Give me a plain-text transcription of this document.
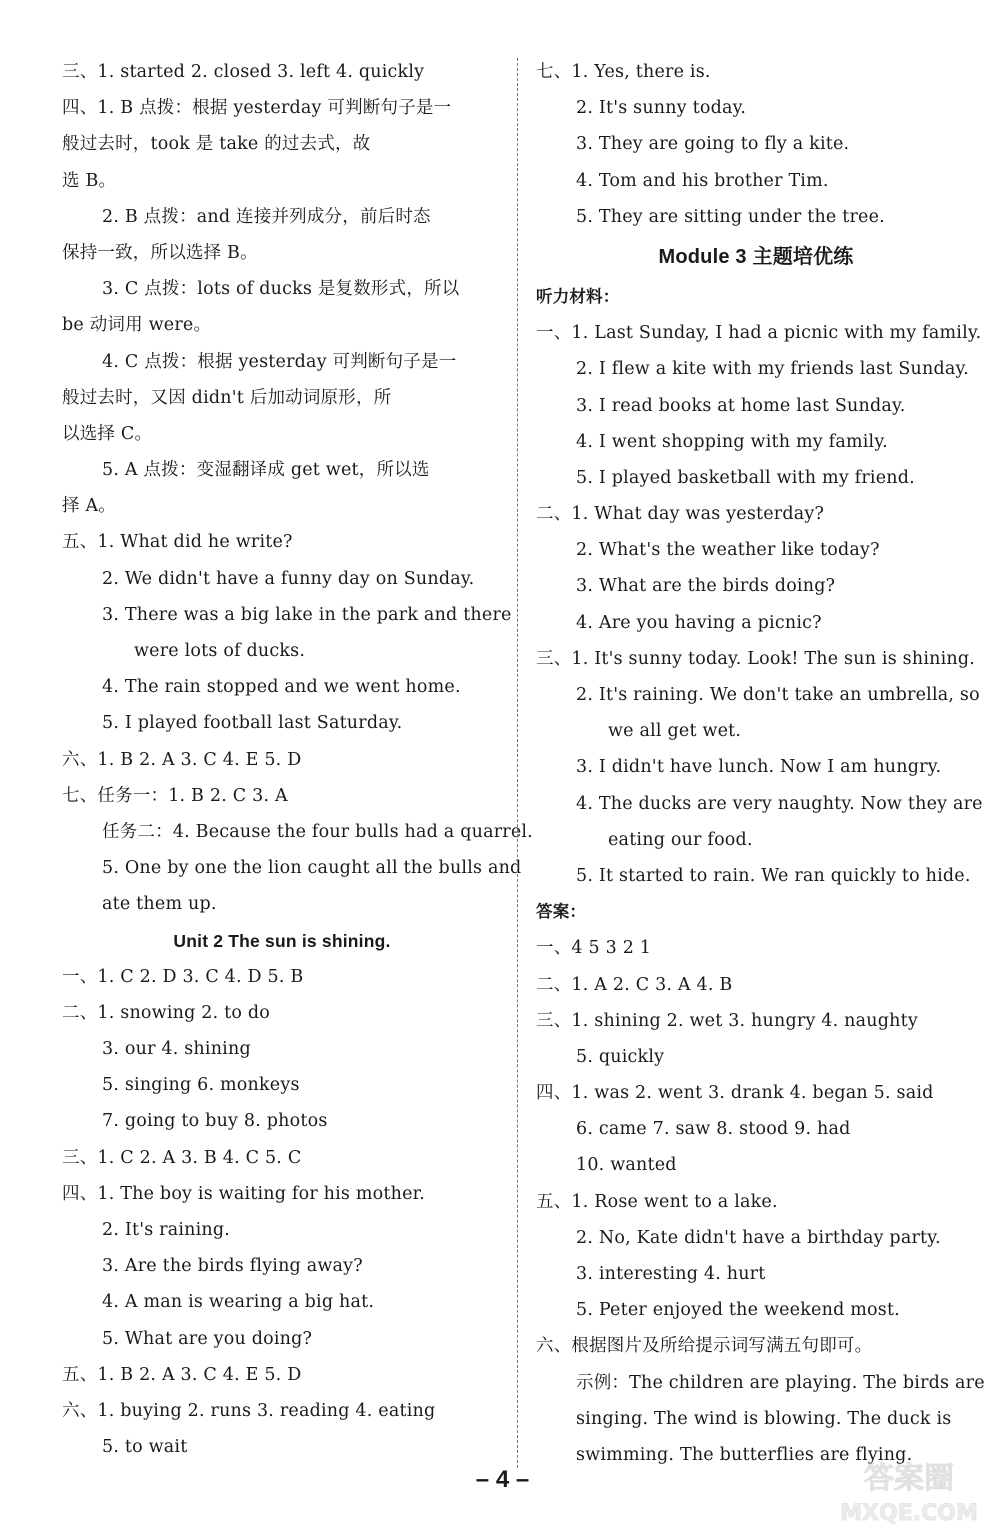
三、1. started 2. closed 3. left 4. quickly
四、1. B 点拨：根据 yesterday 可判断句子是一
般过去时，took 是 take 的过去式，故
选 B。
2. B 点拨：and 连接并列成分，前后时态
保持一致，所以选择 B。
3. C 点拨：lots of ducks 是复数形式，所以
be 动词用 were。
4. C 点拨：根据 yesterday 可判断句子是一
般过去时，又因 didn't 后加动词原形，所
以选择 C。
5. A 点拨：变湿翻译成 get wet，所以选
择 A。
五、1. What did he write?
2. We didn't have a funny day on Sunday.
3. There was a big lake in the park and there
were lots of ducks.
4. The rain stopped and we went home.
5. I played football last Saturday.
六、1. B 2. A 3. C 4. E 5. D
七、任务一：1. B 2. C 3. A
任务二：4. Because the four bulls had a quarrel.
5. One by one the lion caught all the bulls and
ate them up.
Unit 2 The sun is shining.
一、1. C 2. D 3. C 4. D 5. B
二、1. snowing 2. to do
3. our 4. shining
5. singing 6. monkeys
7. going to buy 8. photos
三、1. C 2. A 3. B 4. C 5. C
四、1. The boy is waiting for his mother.
2. It's raining.
3. Are the birds flying away?
4. A man is wearing a big hat.
5. What are you doing?
五、1. B 2. A 3. C 4. E 5. D
六、1. buying 2. runs 3. reading 4. eating
5. to wait
七、1. Yes, there is.
2. It's sunny today.
3. They are going to fly a kite.
4. Tom and his brother Tim.
5. They are sitting under the tree.
Module 3 主题培优练
听力材料：
一、1. Last Sunday, I had a picnic with my family.
2. I flew a kite with my friends last Sunday.
3. I read books at home last Sunday.
4. I went shopping with my family.
5. I played basketball with my friend.
二、1. What day was yesterday?
2. What's the weather like today?
3. What are the birds doing?
4. Are you having a picnic?
三、1. It's sunny today. Look! The sun is shining.
2. It's raining. We don't take an umbrella, so
we all get wet.
3. I didn't have lunch. Now I am hungry.
4. The ducks are very naughty. Now they are
eating our food.
5. It started to rain. We ran quickly to hide.
答案：
一、4 5 3 2 1
二、1. A 2. C 3. A 4. B
三、1. shining 2. wet 3. hungry 4. naughty
5. quickly
四、1. was 2. went 3. drank 4. began 5. said
6. came 7. saw 8. stood 9. had
10. wanted
五、1. Rose went to a lake.
2. No, Kate didn't have a birthday party.
3. interesting 4. hurt
5. Peter enjoyed the weekend most.
六、根据图片及所给提示词写满五句即可。
示例：The children are playing. The birds are
singing. The wind is blowing. The duck is
swimming. The butterflies are flying.
– 4 –	答案圈
MXQE.COM
